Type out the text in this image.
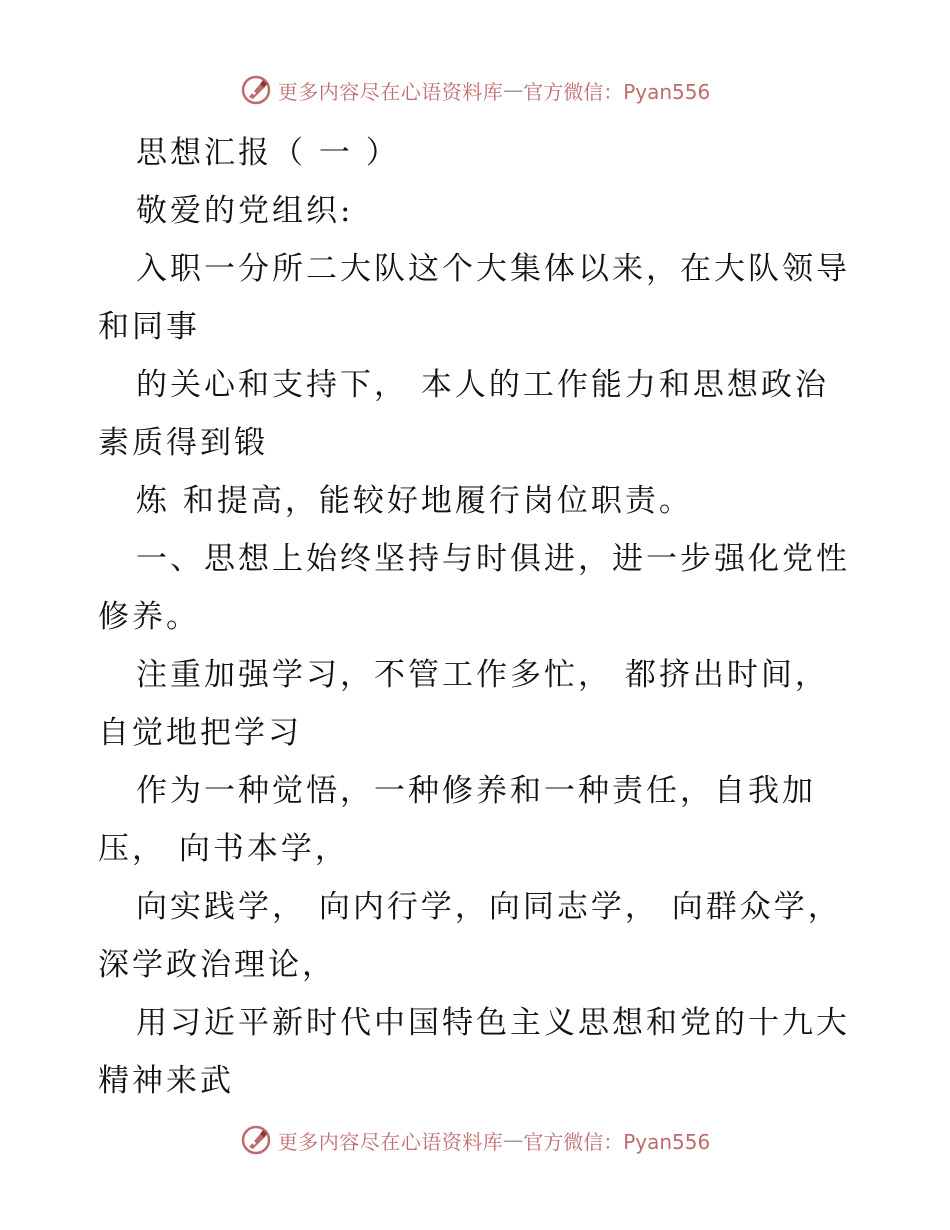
更多内容尽在心语资料库 — 官方微信：Pyan556
思想汇报（ 一 ）
敬爱的党组织:
入职一分所二大队这个大集体以来，在大队领导
和同事
的关心和支持下， 本人的工作能力和思想政治
素质得到锻
炼 和提高，能较好地履行岗位职责。
一、思想上始终坚持与时俱进，进一步强化党性
修养。
注重加强学习，不管工作多忙， 都挤出时间，
自觉地把学习
作为一种觉悟，一种修养和一种责任，自我加
压， 向书本学，
向实践学， 向内行学，向同志学， 向群众学，
深学政治理论，
用习近平新时代中国特色主义思想和党的十九大
精神来武
更多内容尽在心语资料库 — 官方微信：Pyan556
